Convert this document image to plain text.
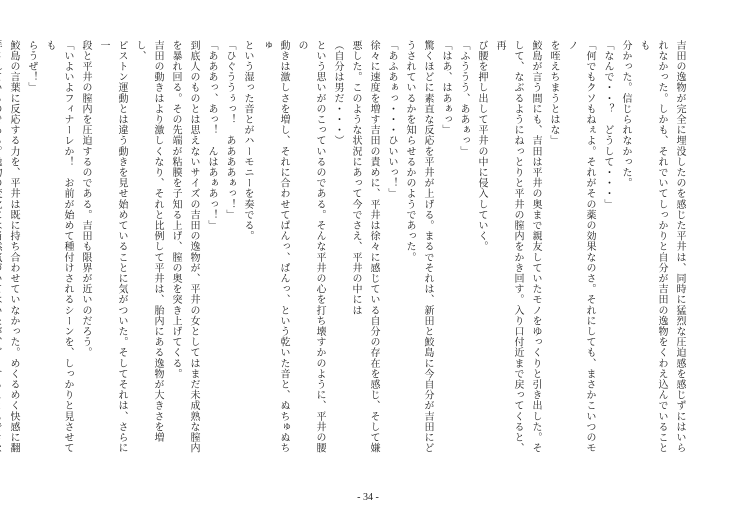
吉田の逸物が完全に埋没したのを感じた平井は、同時に猛烈な圧迫感を感じずにはいら

れなかった。しかも、それでいてしっかりと自分が吉田の逸物をくわえ込んでいることも

分かった。信じられなかった。

「なんで・・？　どうして・・・」

「何でもクソもねぇよ。それがその薬の効果なのさ。それにしても、まさかこいつのモノ

を咥えちまうとはな」

鮫島が言う間にも、吉田は平井の奥まで親友していたモノをゆっくりと引き出した。そ

して、なぶるようにねっとりと平井の膣内をかき回す。入り口付近まで戻ってくると、再

び腰を押し出して平井の中に侵入していく。

「ふううう、ああぁっ」

「はあ、はあぁっ」

驚くほどに素直な反応を平井が上げる。まるでそれは、新田と鮫島に今自分が吉田にど

うされているかを知らせるかのようであった。

「あふあぁっ・・・ひいいっ！」

徐々に速度を増す吉田の責めに、平井は徐々に感じている自分の存在を感じ、そして嫌

悪した。このような状況にあって今でさえ、平井の中には

（自分は男だ・・・）

という思いがのこっているのである。そんな平井の心を打ち壊すかのように、平井の腰の

動きは激しさを増し、それに合わせてぱんっ、ぱんっ、という乾いた音と、ぬちゅぬちゅ

という湿った音とがハーモニーを奏でる。

「ひぐううぅっ！　ああああぁっ！」

「あああっ、あっ！　んはあぁあっ！」

到底人のものとは思えないサイズの吉田の逸物が、平井の女としてはまだ未成熟な膣内

を暴れ回る。その先端が粘膜を子知る上げ、膣の奥を突き上げてくる。

吉田の動きはより激しくなり、それと比例して平井は、胎内にある逸物が大きさを増し、

ピストン運動とは違う動きを見せ始めていることに気がついた。そしてそれは、さらに一

段と平井の膣内を圧迫するのである。吉田も限界が近いのだろう。

「いよいよフィナーレか！　お前が始めて種付けされるシーンを、しっかりと見させても

らうぜ！」

鮫島の言葉に反応する力を、平井は既に持ち合わせていなかった。めくるめく快感に翻

- 34 -
